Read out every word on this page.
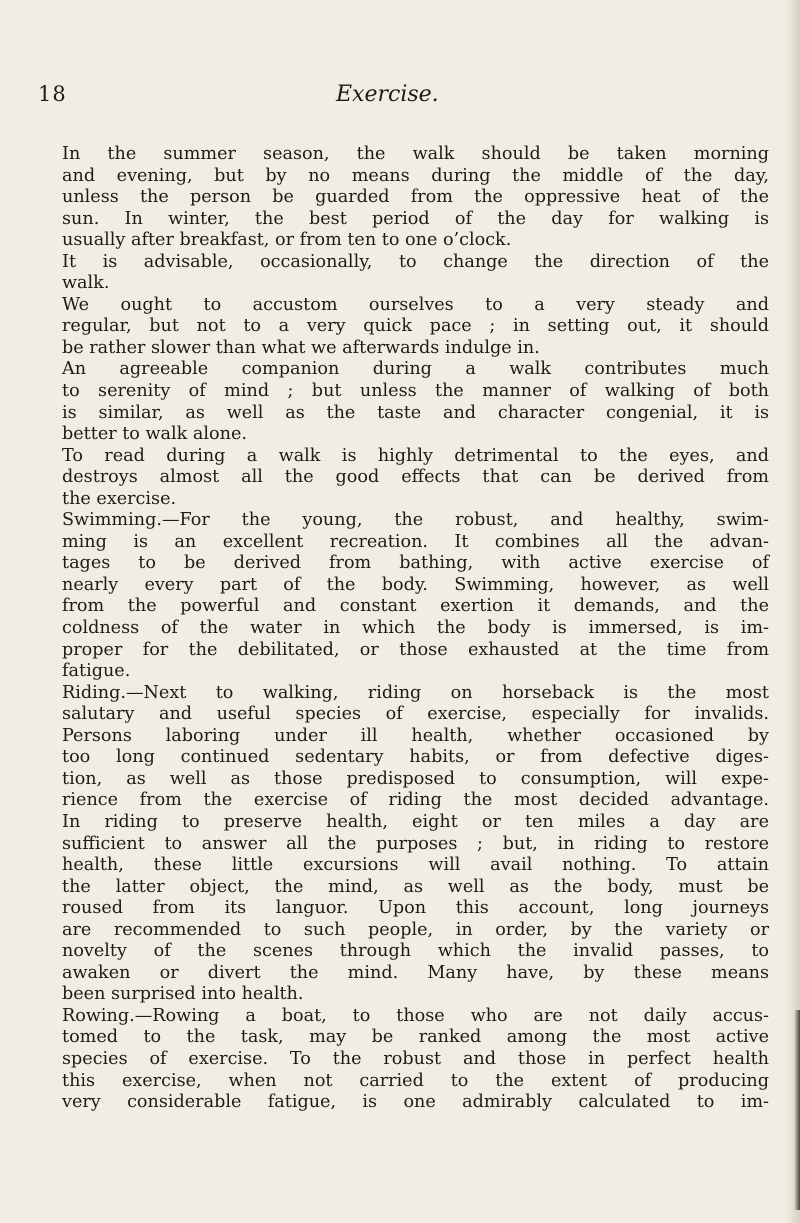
18	Exercise.
In the summer season, the walk should be taken morning
and evening, but by no means during the middle of the day,
unless the person be guarded from the oppressive heat of the
sun. In winter, the best period of the day for walking is
usually after breakfast, or from ten to one o’clock.
It is advisable, occasionally, to change the direction of the
walk.
We ought to accustom ourselves to a very steady and
regular, but not to a very quick pace ; in setting out, it should
be rather slower than what we afterwards indulge in.
An agreeable companion during a walk contributes much
to serenity of mind ; but unless the manner of walking of both
is similar, as well as the taste and character congenial, it is
better to walk alone.
To read during a walk is highly detrimental to the eyes, and
destroys almost all the good effects that can be derived from
the exercise.
Swimming.—For the young, the robust, and healthy, swim-
ming is an excellent recreation. It combines all the advan-
tages to be derived from bathing, with active exercise of
nearly every part of the body. Swimming, however, as well
from the powerful and constant exertion it demands, and the
coldness of the water in which the body is immersed, is im-
proper for the debilitated, or those exhausted at the time from
fatigue.
Riding.—Next to walking, riding on horseback is the most
salutary and useful species of exercise, especially for invalids.
Persons laboring under ill health, whether occasioned by
too long continued sedentary habits, or from defective diges-
tion, as well as those predisposed to consumption, will expe-
rience from the exercise of riding the most decided advantage.
In riding to preserve health, eight or ten miles a day are
sufficient to answer all the purposes ; but, in riding to restore
health, these little excursions will avail nothing. To attain
the latter object, the mind, as well as the body, must be
roused from its languor. Upon this account, long journeys
are recommended to such people, in order, by the variety or
novelty of the scenes through which the invalid passes, to
awaken or divert the mind. Many have, by these means
been surprised into health.
Rowing.—Rowing a boat, to those who are not daily accus-
tomed to the task, may be ranked among the most active
species of exercise. To the robust and those in perfect health
this exercise, when not carried to the extent of producing
very considerable fatigue, is one admirably calculated to im-
